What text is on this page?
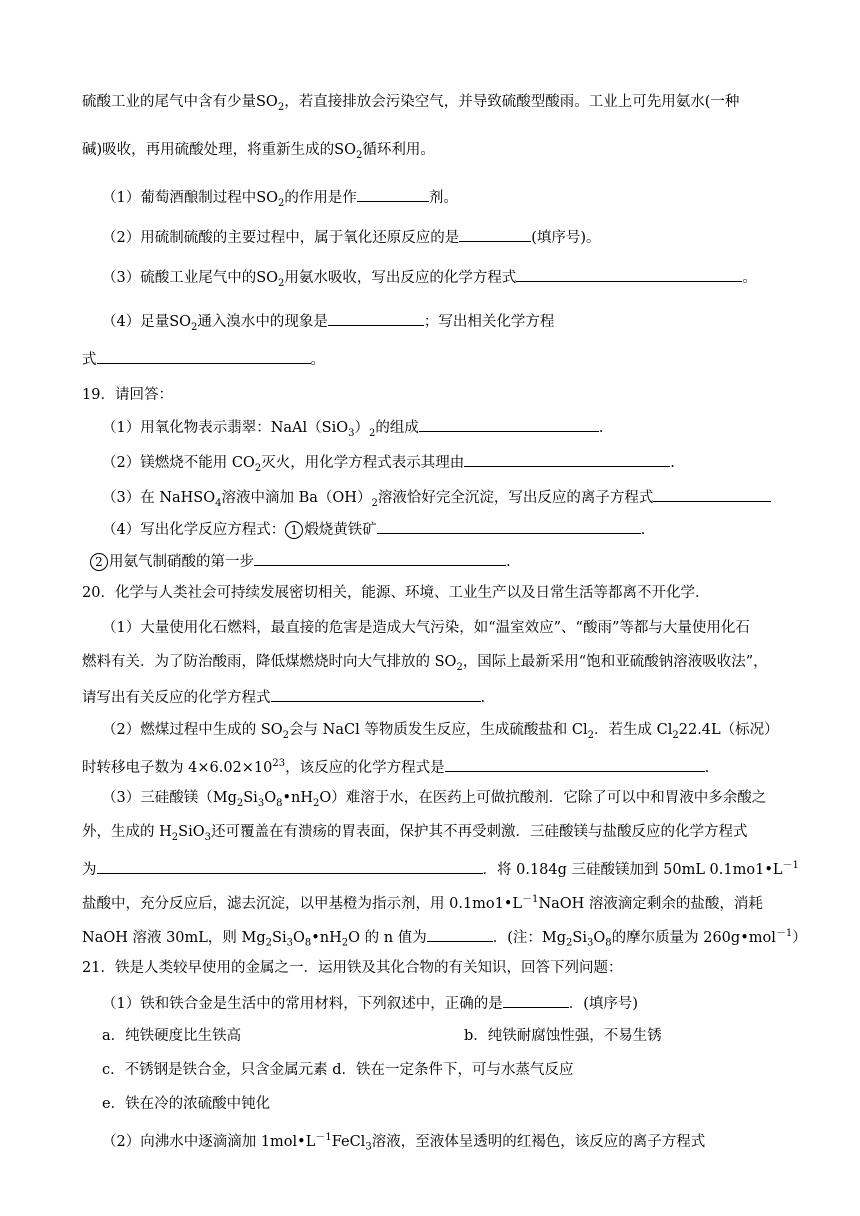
硫酸工业的尾气中含有少量$SO_2$，若直接排放会污染空气，并导致硫酸型酸雨。工业上可先用氨水(一种
碱)吸收，再用硫酸处理，将重新生成的$SO_2$循环利用。
（1）葡萄酒酿制过程中$SO_2$的作用是作	剂。
（2）用硫制硫酸的主要过程中，属于氧化还原反应的是	(填序号)。
（3）硫酸工业尾气中的$SO_2$用氨水吸收，写出反应的化学方程式	。
（4）足量$SO_2$通入溴水中的现象是	；写出相关化学方程
式	。
19．请回答：
（1）用氧化物表示翡翠：$NaAl(SiO_3)_2$的组成	.
（2）镁燃烧不能用 $CO_2$灭火，用化学方程式表示其理由	.
（3）在 NaHSO$_4$溶液中滴加 $Ba(OH)_2$溶液恰好完全沉淀，写出反应的离子方程式
（4）写出化学反应方程式： 1 煅烧黄铁矿	.
2 用氨气制硝酸的第一步	.
20．化学与人类社会可持续发展密切相关，能源、环境、工业生产以及日常生活等都离不开化学．
（1）大量使用化石燃料，最直接的危害是造成大气污染，如“温室效应”、“酸雨”等都与大量使用化石
燃料有关．为了防治酸雨，降低煤燃烧时向大气排放的 $SO_2$，国际上最新采用“饱和亚硫酸钠溶液吸收法”，
请写出有关反应的化学方程式	.
（2）燃煤过程中生成的 $SO_2$会与 NaCl 等物质发生反应，生成硫酸盐和 $Cl_2$．若生成 $Cl_222.4L$（标况）
时转移电子数为 $4\times 6.02\times 10^{23}$，该反应的化学方程式是	.
（3）三硅酸镁$(Mg_2Si_3O_8•nH_2O)$难溶于水，在医药上可做抗酸剂．它除了可以中和胃液中多余酸之
外，生成的 $H_2SiO_3$还可覆盖在有溃疡的胃表面，保护其不再受刺激．三硅酸镁与盐酸反应的化学方程式
为	．将 0.184g 三硅酸镁加到 50mL $0.1mo1•L^{-1}$
盐酸中，充分反应后，滤去沉淀，以甲基橙为指示剂，用 $0.1mo1•L^{-1}NaOH$ 溶液滴定剩余的盐酸，消耗
NaOH 溶液 30mL，则 $Mg_2Si_3O_8•nH_2O$ 的 n 值为	．(注：$Mg_2Si_3O_8$的摩尔质量为 260g•mol$^{-1}$）
21．铁是人类较早使用的金属之一．运用铁及其化合物的有关知识，回答下列问题：
（1）铁和铁合金是生活中的常用材料，下列叙述中，正确的是	．(填序号)
a．纯铁硬度比生铁高	b．纯铁耐腐蚀性强，不易生锈
c．不锈钢是铁合金，只含金属元素 d．铁在一定条件下，可与水蒸气反应
e．铁在冷的浓硫酸中钝化
（2）向沸水中逐滴滴加 $1mol•L^{-1}FeCl_3$溶液，至液体呈透明的红褐色，该反应的离子方程式
